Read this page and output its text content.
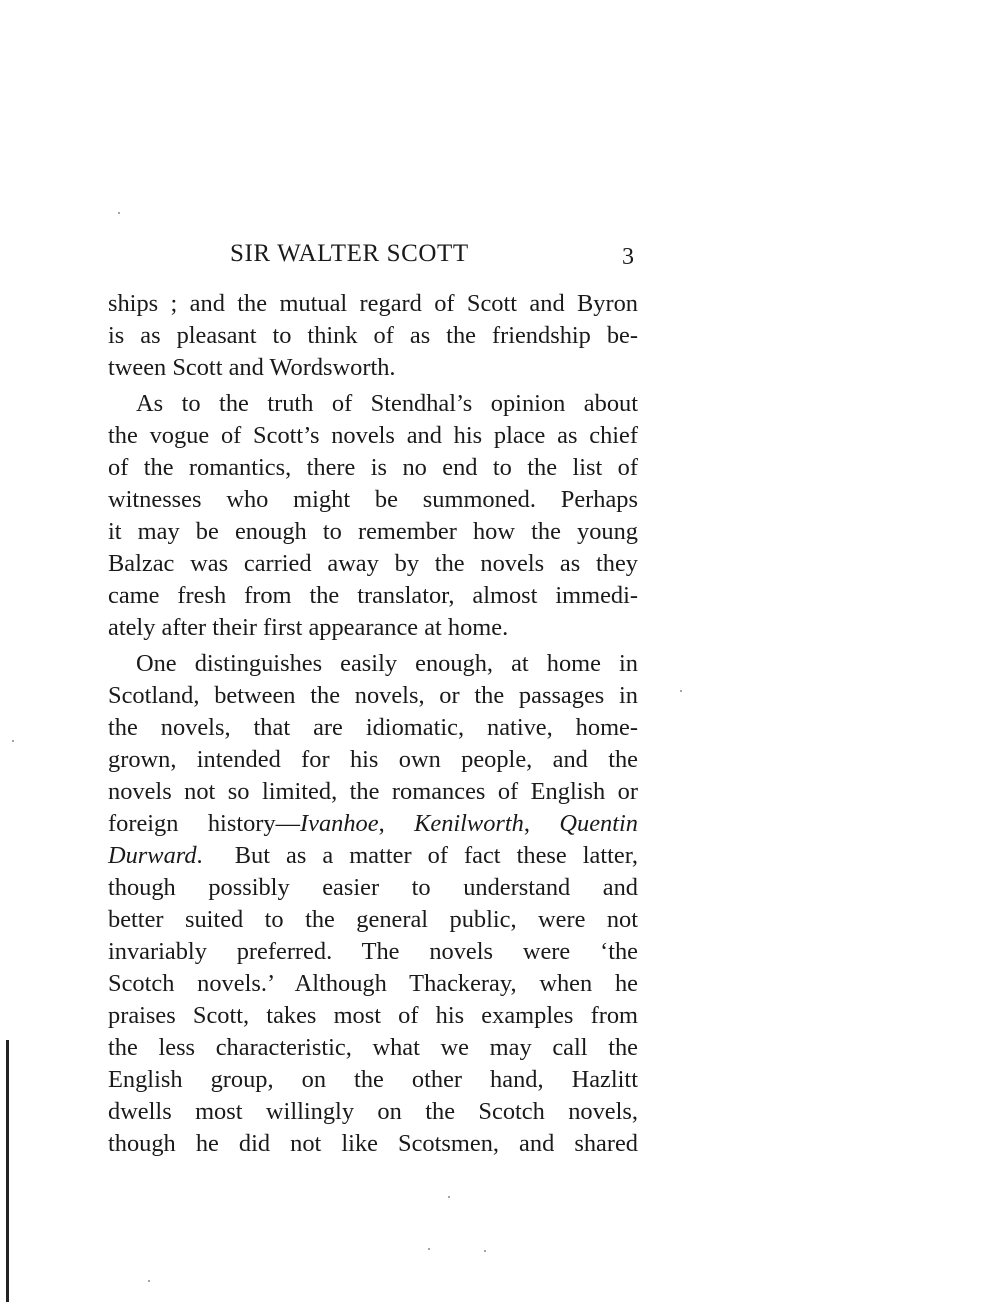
SIR WALTER SCOTT	3

ships ; and the mutual regard of Scott and Byron

is as pleasant to think of as the friendship be-

tween Scott and Wordsworth.

As to the truth of Stendhal’s opinion about

the vogue of Scott’s novels and his place as chief

of the romantics, there is no end to the list of

witnesses who might be summoned. Perhaps

it may be enough to remember how the young

Balzac was carried away by the novels as they

came fresh from the translator, almost immedi-

ately after their first appearance at home.

One distinguishes easily enough, at home in

Scotland, between the novels, or the passages in

the novels, that are idiomatic, native, home-

grown, intended for his own people, and the

novels not so limited, the romances of English or

foreign history—Ivanhoe, Kenilworth, Quentin

Durward.  But as a matter of fact these latter,

though possibly easier to understand and

better suited to the general public, were not

invariably preferred. The novels were ‘the

Scotch novels.’ Although Thackeray, when he

praises Scott, takes most of his examples from

the less characteristic, what we may call the

English group, on the other hand, Hazlitt

dwells most willingly on the Scotch novels,

though he did not like Scotsmen, and shared
